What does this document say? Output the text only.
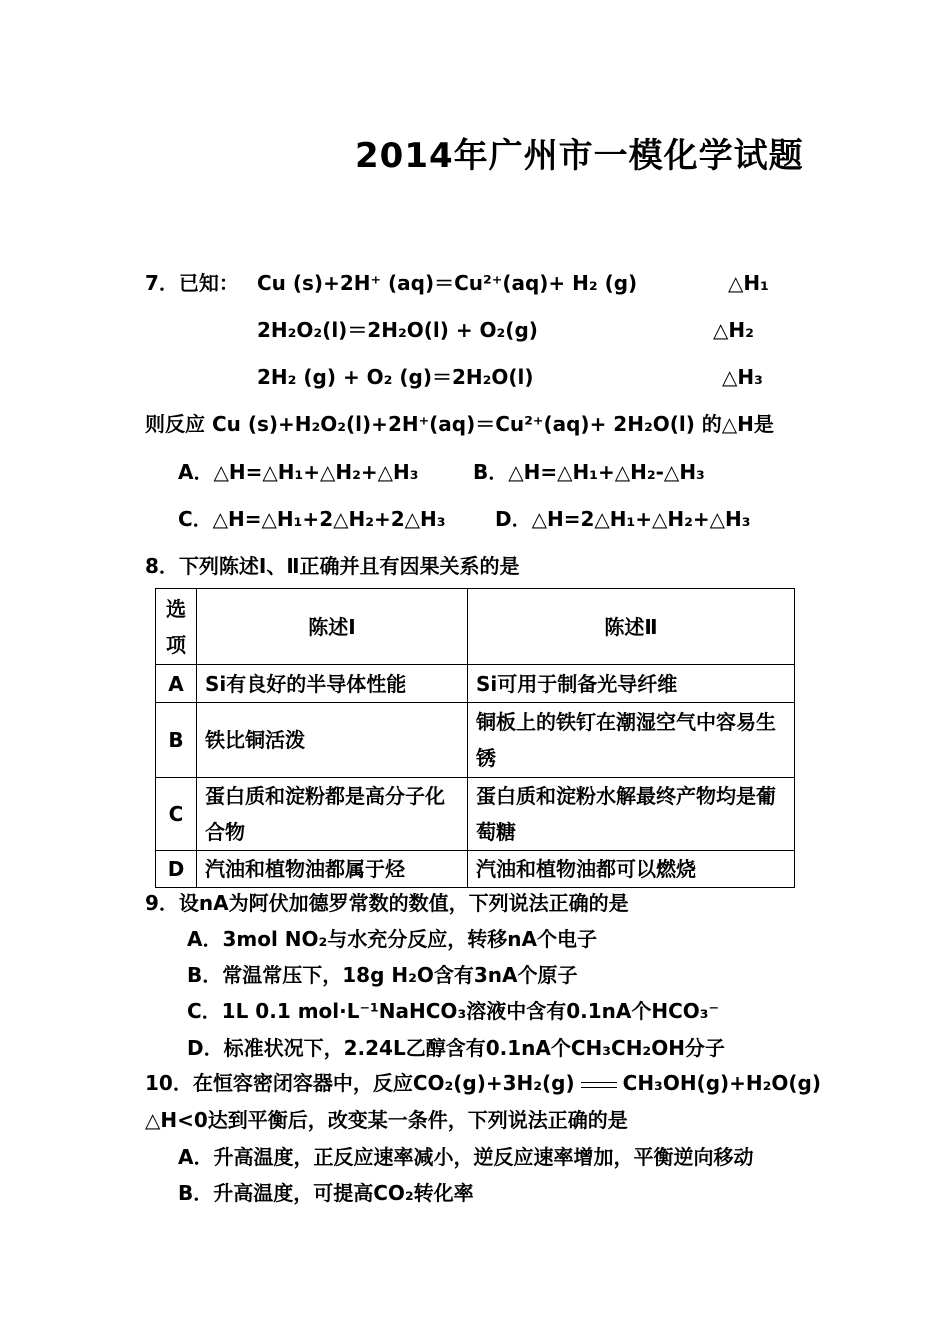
2014年广州市一模化学试题
7．已知： Cu (s)+2H⁺ (aq)＝Cu²⁺(aq)+ H₂ (g)	△H₁
2H₂O₂(l)＝2H₂O(l) + O₂(g)	△H₂
2H₂ (g) + O₂ (g)＝2H₂O(l)	△H₃
则反应 Cu (s)+H₂O₂(l)+2H⁺(aq)＝Cu²⁺(aq)+ 2H₂O(l) 的△H是
A．△H=△H₁+△H₂+△H₃	B．△H=△H₁+△H₂-△H₃
C．△H=△H₁+2△H₂+2△H₃ D．△H=2△H₁+△H₂+△H₃
8．下列陈述Ⅰ、Ⅱ正确并且有因果关系的是
选项	陈述Ⅰ	陈述Ⅱ
A	Si有良好的半导体性能	Si可用于制备光导纤维
B	铁比铜活泼	铜板上的铁钉在潮湿空气中容易生锈
C	蛋白质和淀粉都是高分子化合物	蛋白质和淀粉水解最终产物均是葡萄糖
D	汽油和植物油都属于烃	汽油和植物油都可以燃烧
9．设nA为阿伏加德罗常数的数值，下列说法正确的是
A．3mol NO₂与水充分反应，转移nA个电子
B．常温常压下，18g H₂O含有3nA个原子
C．1L 0.1 mol·L⁻¹NaHCO₃溶液中含有0.1nA个HCO₃⁻
D．标准状况下，2.24L乙醇含有0.1nA个CH₃CH₂OH分子
10．在恒容密闭容器中，反应CO₂(g)+3H₂(g) CH₃OH(g)+H₂O(g)
△H<0达到平衡后，改变某一条件，下列说法正确的是
A．升高温度，正反应速率减小，逆反应速率增加，平衡逆向移动
B．升高温度，可提高CO₂转化率
